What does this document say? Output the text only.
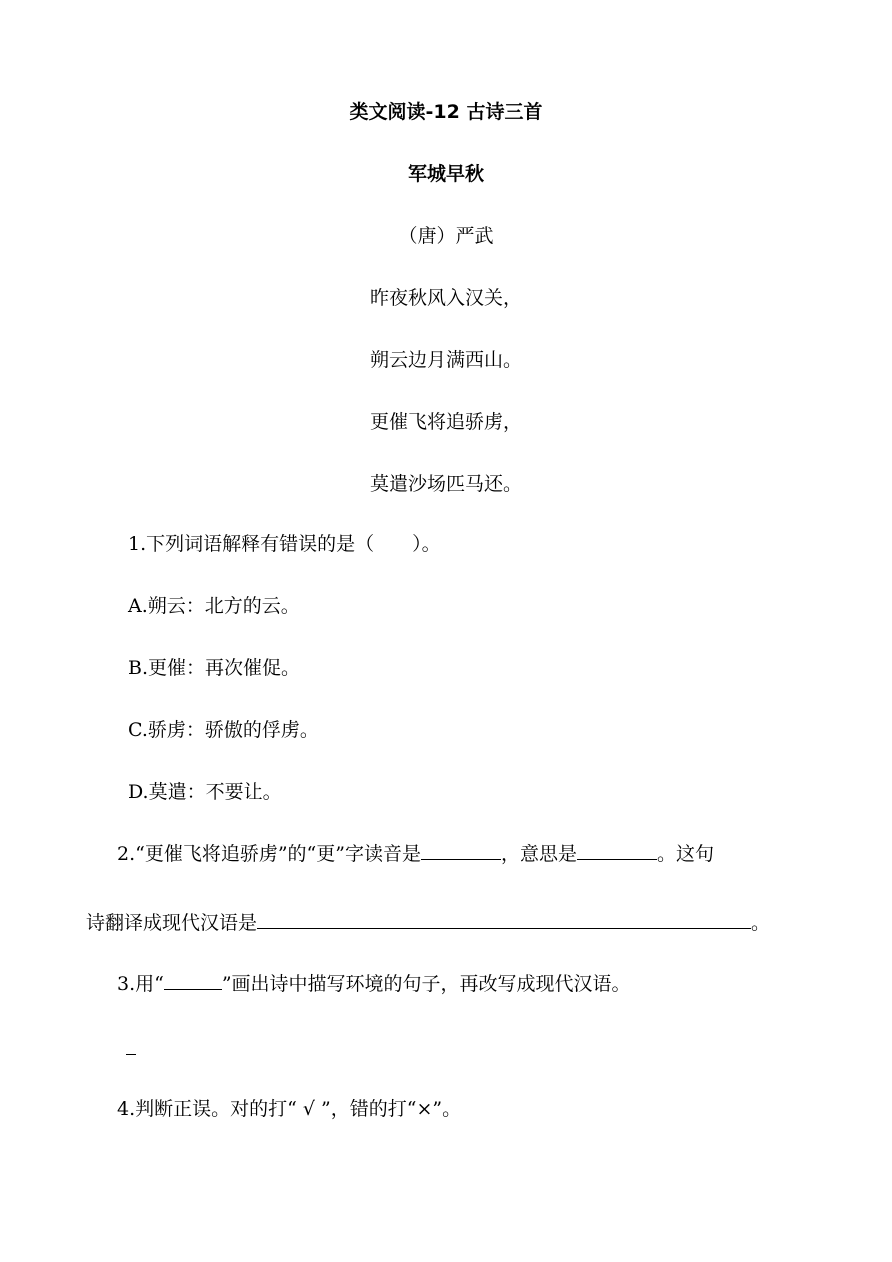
类文阅读-12 古诗三首
军城早秋
（唐）严武
昨夜秋风入汉关，
朔云边月满西山。
更催飞将追骄虏，
莫遣沙场匹马还。
1.下列词语解释有错误的是（　　）。
A.朔云：北方的云。
B.更催：再次催促。
C.骄虏：骄傲的俘虏。
D.莫遣：不要让。
2.“更催飞将追骄虏”的“更”字读音是	，意思是	。这句
诗翻译成现代汉语是	。
3.用“	”画出诗中描写环境的句子，再改写成现代汉语。
4.判断正误。对的打“ √ ”，错的打“×”。
